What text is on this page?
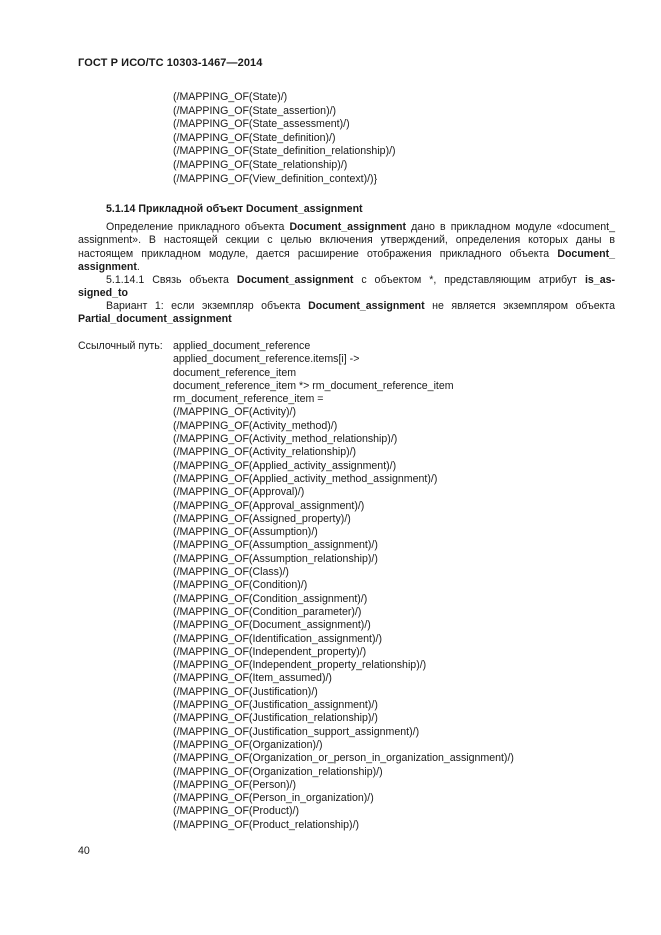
ГОСТ Р ИСО/ТС 10303-1467—2014
(/MAPPING_OF(State)/)
(/MAPPING_OF(State_assertion)/)
(/MAPPING_OF(State_assessment)/)
(/MAPPING_OF(State_definition)/)
(/MAPPING_OF(State_definition_relationship)/)
(/MAPPING_OF(State_relationship)/)
(/MAPPING_OF(View_definition_context)/)}
5.1.14 Прикладной объект Document_assignment
Определение прикладного объекта Document_assignment дано в прикладном модуле «document_ assignment». В настоящей секции с целью включения утверждений, определения которых даны в настоящем прикладном модуле, дается расширение отображения прикладного объекта Document_ assignment.
5.1.14.1 Связь объекта Document_assignment с объектом *, представляющим атрибут is_as- signed_to
Вариант 1: если экземпляр объекта Document_assignment не является экземпляром объекта Partial_document_assignment
Ссылочный путь: applied_document_reference
applied_document_reference.items[i] ->
document_reference_item
document_reference_item *> rm_document_reference_item
rm_document_reference_item =
(/MAPPING_OF(Activity)/)
(/MAPPING_OF(Activity_method)/)
(/MAPPING_OF(Activity_method_relationship)/)
(/MAPPING_OF(Activity_relationship)/)
(/MAPPING_OF(Applied_activity_assignment)/)
(/MAPPING_OF(Applied_activity_method_assignment)/)
(/MAPPING_OF(Approval)/)
(/MAPPING_OF(Approval_assignment)/)
(/MAPPING_OF(Assigned_property)/)
(/MAPPING_OF(Assumption)/)
(/MAPPING_OF(Assumption_assignment)/)
(/MAPPING_OF(Assumption_relationship)/)
(/MAPPING_OF(Class)/)
(/MAPPING_OF(Condition)/)
(/MAPPING_OF(Condition_assignment)/)
(/MAPPING_OF(Condition_parameter)/)
(/MAPPING_OF(Document_assignment)/)
(/MAPPING_OF(Identification_assignment)/)
(/MAPPING_OF(Independent_property)/)
(/MAPPING_OF(Independent_property_relationship)/)
(/MAPPING_OF(Item_assumed)/)
(/MAPPING_OF(Justification)/)
(/MAPPING_OF(Justification_assignment)/)
(/MAPPING_OF(Justification_relationship)/)
(/MAPPING_OF(Justification_support_assignment)/)
(/MAPPING_OF(Organization)/)
(/MAPPING_OF(Organization_or_person_in_organization_assignment)/)
(/MAPPING_OF(Organization_relationship)/)
(/MAPPING_OF(Person)/)
(/MAPPING_OF(Person_in_organization)/)
(/MAPPING_OF(Product)/)
(/MAPPING_OF(Product_relationship)/)
40
